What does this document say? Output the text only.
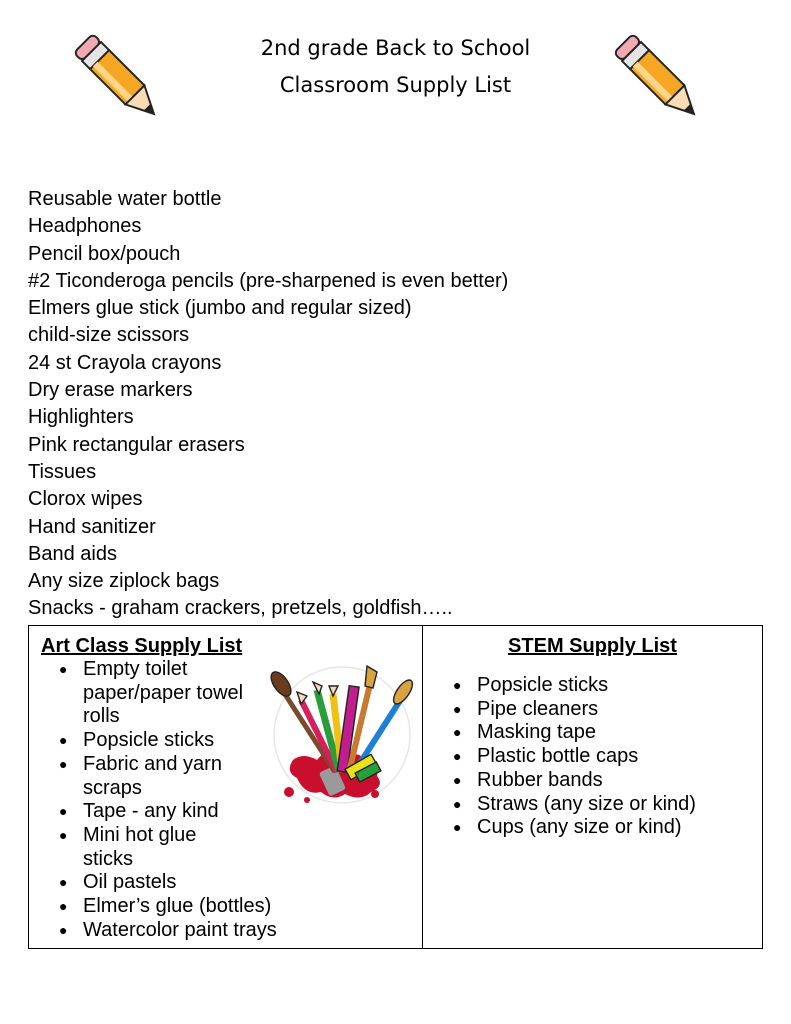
2nd grade Back to School
Classroom Supply List
Reusable water bottle
Headphones
Pencil box/pouch
#2 Ticonderoga pencils (pre-sharpened is even better)
Elmers glue stick (jumbo and regular sized)
child-size scissors
24 st Crayola crayons
Dry erase markers
Highlighters
Pink rectangular erasers
Tissues
Clorox wipes
Hand sanitizer
Band aids
Any size ziplock bags
Snacks - graham crackers, pretzels, goldfish…..
Art Class Supply List
● Empty toilet paper/paper towel rolls
● Popsicle sticks
● Fabric and yarn scraps
● Tape - any kind
● Mini hot glue sticks
● Oil pastels
● Elmer’s glue (bottles)
● Watercolor paint trays
STEM Supply List
● Popsicle sticks
● Pipe cleaners
● Masking tape
● Plastic bottle caps
● Rubber bands
● Straws (any size or kind)
● Cups (any size or kind)
